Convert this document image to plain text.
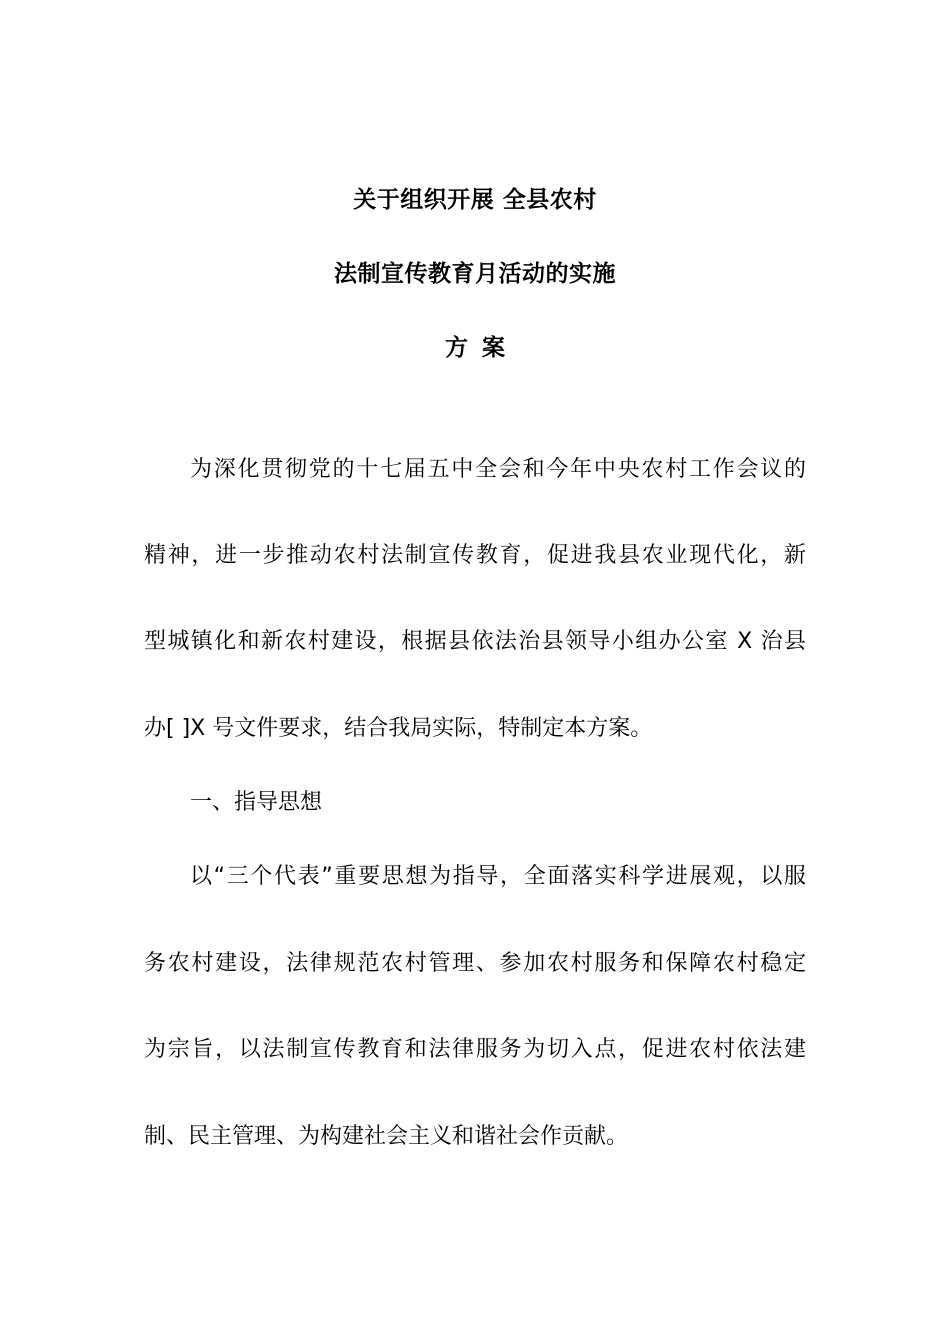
关于组织开展 全县农村
法制宣传教育月活动的实施
方案
为深化贯彻党的十七届五中全会和今年中央农村工作会议的
精神，进一步推动农村法制宣传教育，促进我县农业现代化，新
型城镇化和新农村建设，根据县依法治县领导小组办公室 X 治县
办[ ]X 号文件要求，结合我局实际，特制定本方案。
一、指导思想
以“三个代表”重要思想为指导，全面落实科学进展观，以服
务农村建设，法律规范农村管理、参加农村服务和保障农村稳定
为宗旨，以法制宣传教育和法律服务为切入点，促进农村依法建
制、民主管理、为构建社会主义和谐社会作贡献。
